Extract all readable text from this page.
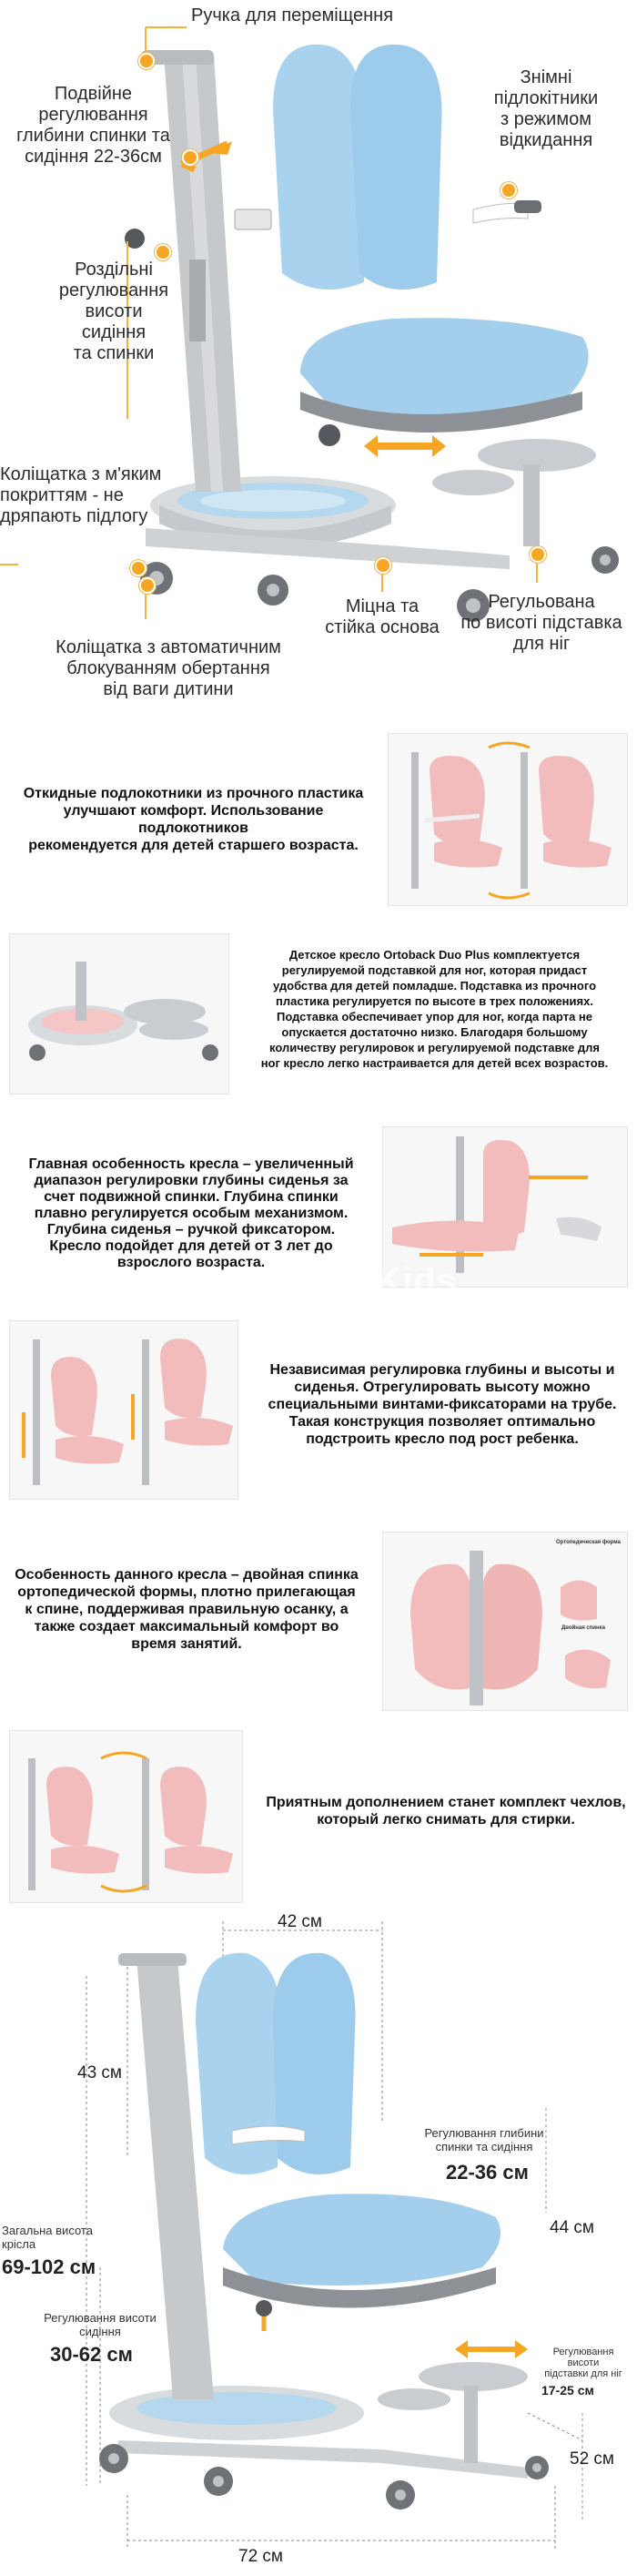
Ручка для переміщення
Подвійне
регулювання
глибини спинки та
сидіння 22-36см
Роздільні
регулювання
висоти
сидіння
та спинки
Знімні
підлокітники
з режимом
відкидання
Коліщатка з м'яким
покриттям - не
дряпають підлогу
Міцна та
стійка основа
Регульована
по висоті підставка
для ніг
Коліщатка з автоматичним
блокуванням обертання
від ваги дитини
Откидные подлокотники из прочного пластика
улучшают комфорт. Использование подлокотников
рекомендуется для детей старшего возраста.
Детское кресло Ortoback Duo Plus комплектуется
регулируемой подставкой для ног, которая придаст
удобства для детей помладше. Подставка из прочного
пластика регулируется по высоте в трех положениях.
Подставка обеспечивает упор для ног, когда парта не
опускается достаточно низко. Благодаря большому
количеству регулировок и регулируемой подставке для
ног кресло легко настраивается для детей всех возрастов.
Главная особенность кресла – увеличенный
диапазон регулировки глубины сиденья за
счет подвижной спинки. Глубина спинки
плавно регулируется особым механизмом.
Глубина сиденья – ручкой фиксатором.
Кресло подойдет для детей от 3 лет до
взрослого возраста. Ergo Kids
Независимая регулировка глубины и высоты и
сиденья. Отрегулировать высоту можно
специальными винтами-фиксаторами на трубе.
Такая конструкция позволяет оптимально
подстроить кресло под рост ребенка.
Особенность данного кресла – двойная спинка
ортопедической формы, плотно прилегающая
к спине, поддерживая правильную осанку, а
также создает максимальный комфорт во
время занятий.
Ортопедическая форма
Двойная спинка
Приятным дополнением станет комплект чехлов,
который легко снимать для стирки.
42 см
43 см
Регулювання глибини
спинки та сидіння
22-36 см
44 см
Загальна висота
крісла
69-102 см
Регулювання висоти
сидіння
30-62 см	Регулювання
висоти
підставки для ніг
17-25 см
52 см
72 см
